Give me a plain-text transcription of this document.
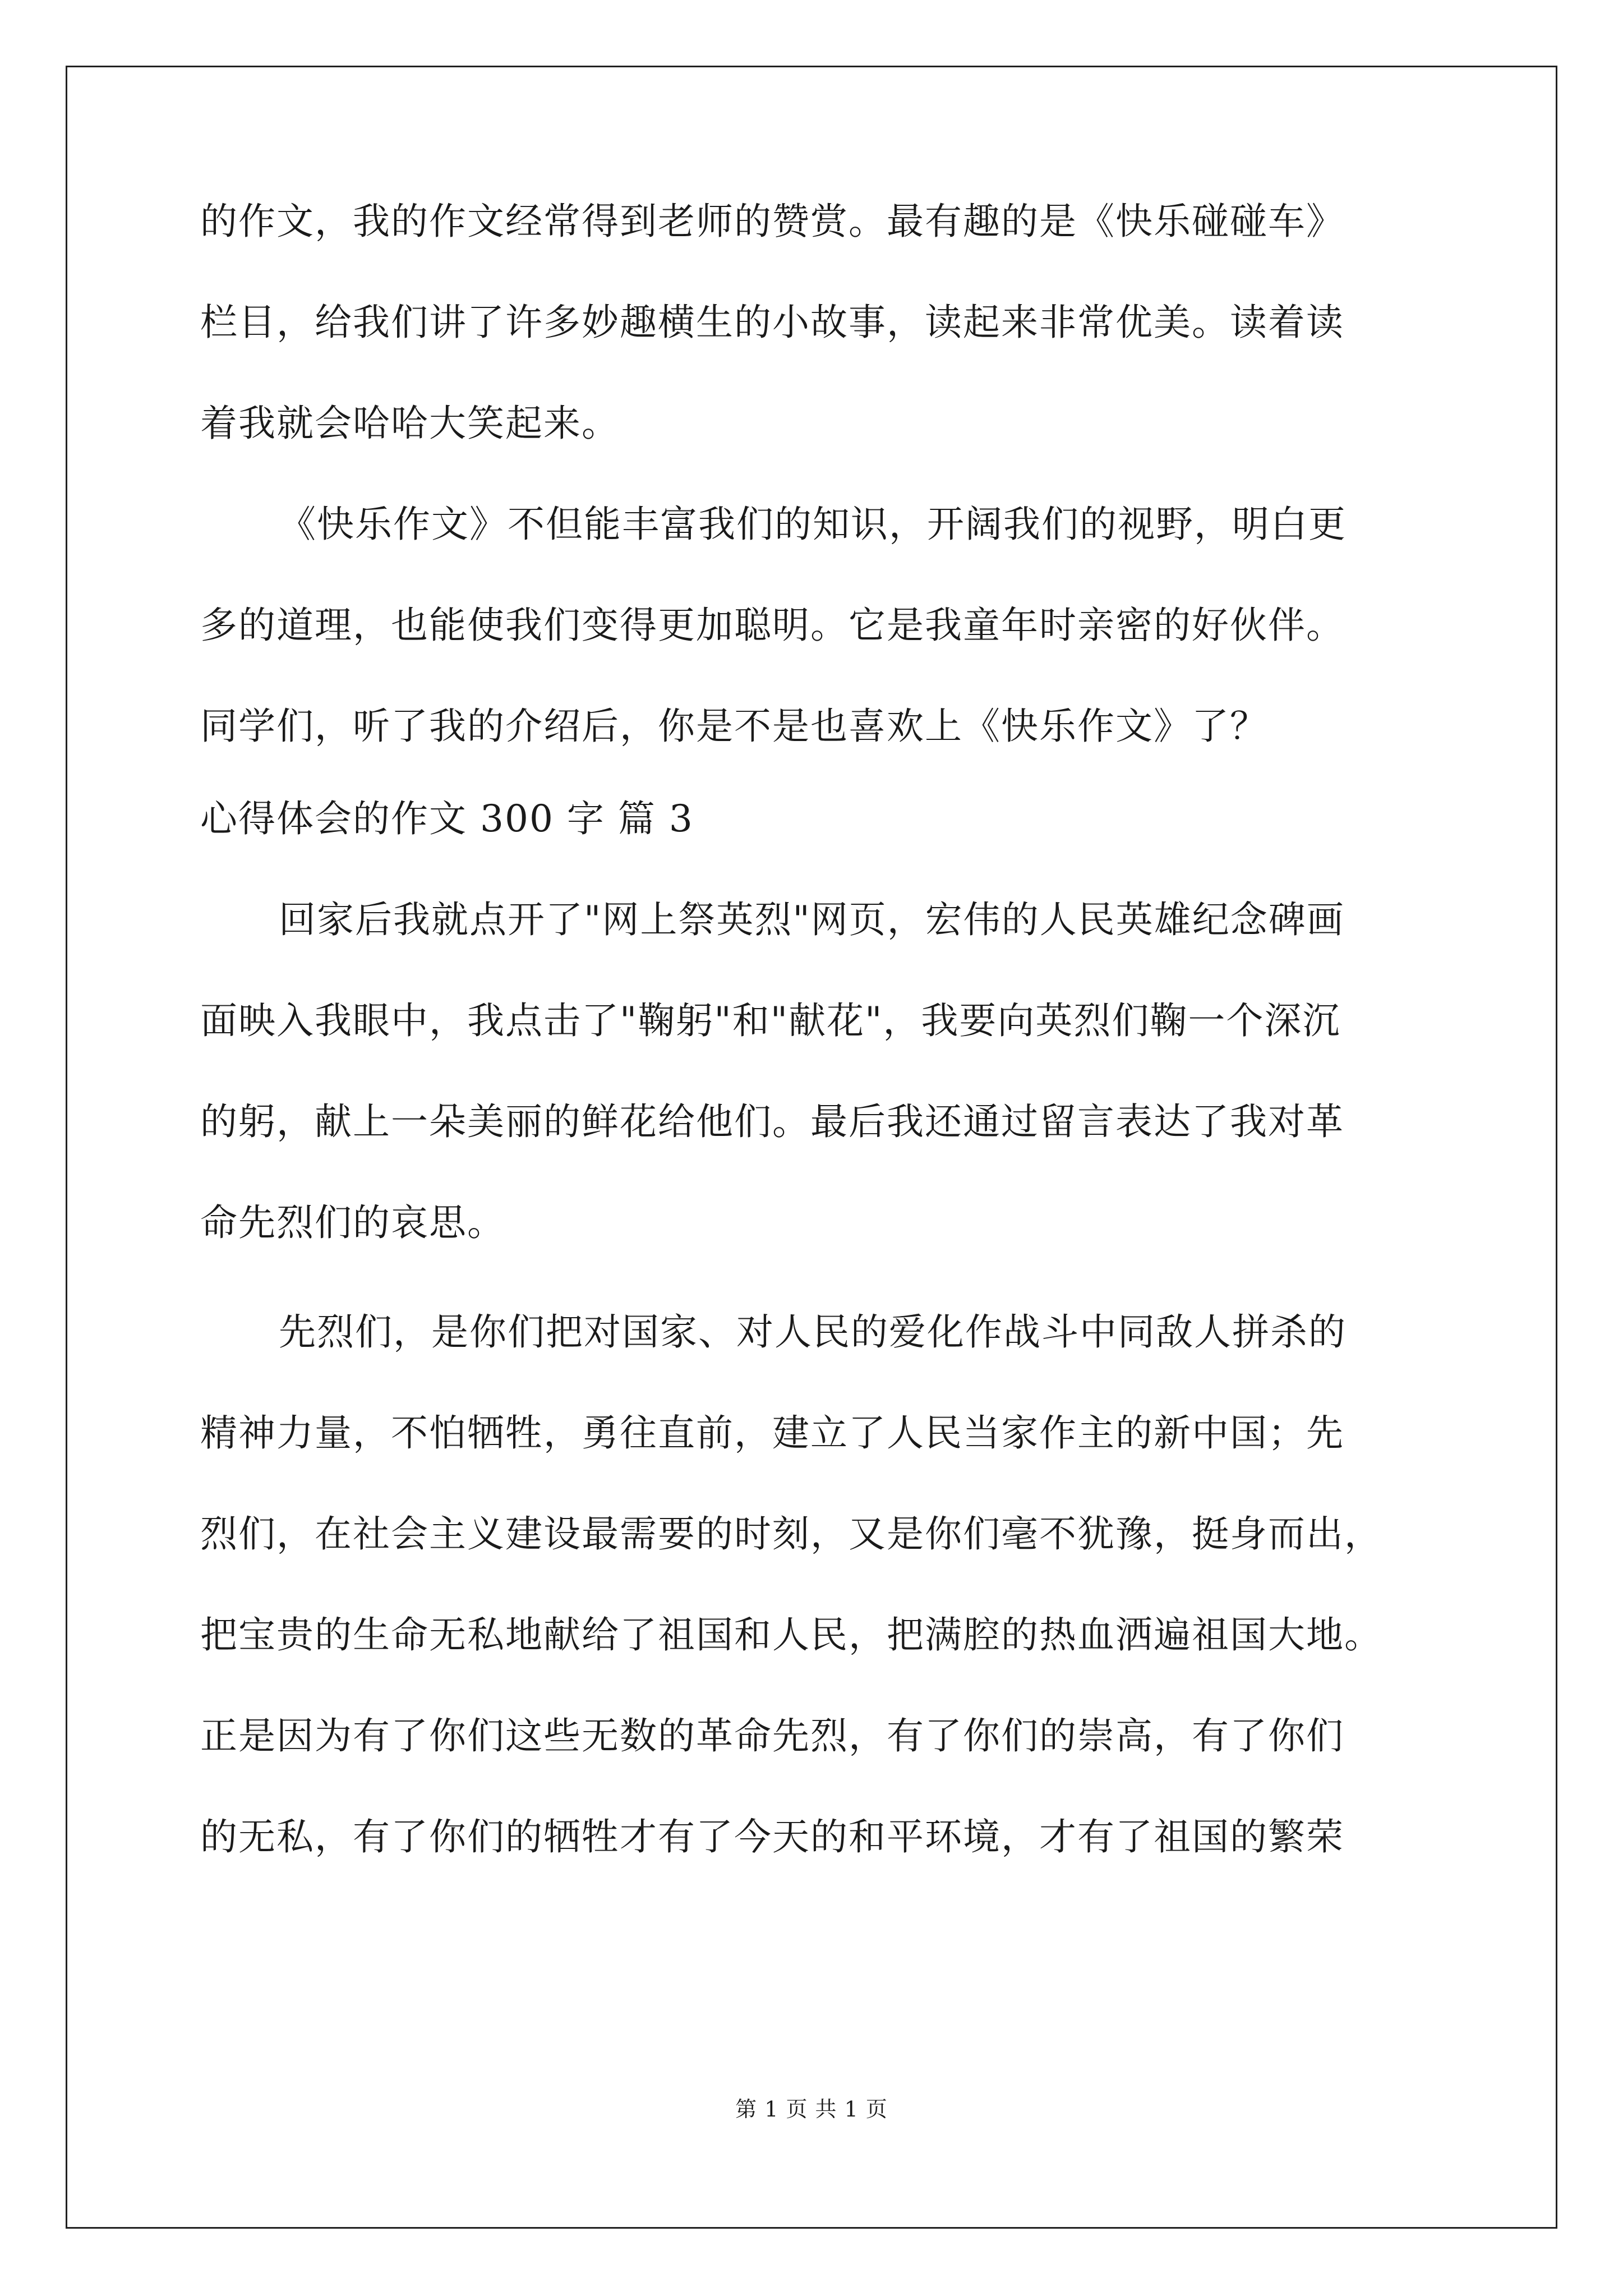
的作文，我的作文经常得到老师的赞赏。最有趣的是《快乐碰碰车》
栏目，给我们讲了许多妙趣横生的小故事，读起来非常优美。读着读
着我就会哈哈大笑起来。
《快乐作文》不但能丰富我们的知识，开阔我们的视野，明白更
多的道理，也能使我们变得更加聪明。它是我童年时亲密的好伙伴。
同学们，听了我的介绍后，你是不是也喜欢上《快乐作文》了？
心得体会的作文 300 字 篇 3
回家后我就点开了"网上祭英烈"网页，宏伟的人民英雄纪念碑画
面映入我眼中，我点击了"鞠躬"和"献花"，我要向英烈们鞠一个深沉
的躬，献上一朵美丽的鲜花给他们。最后我还通过留言表达了我对革
命先烈们的哀思。
先烈们，是你们把对国家、对人民的爱化作战斗中同敌人拼杀的
精神力量，不怕牺牲，勇往直前，建立了人民当家作主的新中国；先
烈们，在社会主义建设最需要的时刻，又是你们毫不犹豫，挺身而出，
把宝贵的生命无私地献给了祖国和人民，把满腔的热血洒遍祖国大地。
正是因为有了你们这些无数的革命先烈，有了你们的崇高，有了你们
的无私，有了你们的牺牲才有了今天的和平环境，才有了祖国的繁荣
第 1 页 共 1 页
